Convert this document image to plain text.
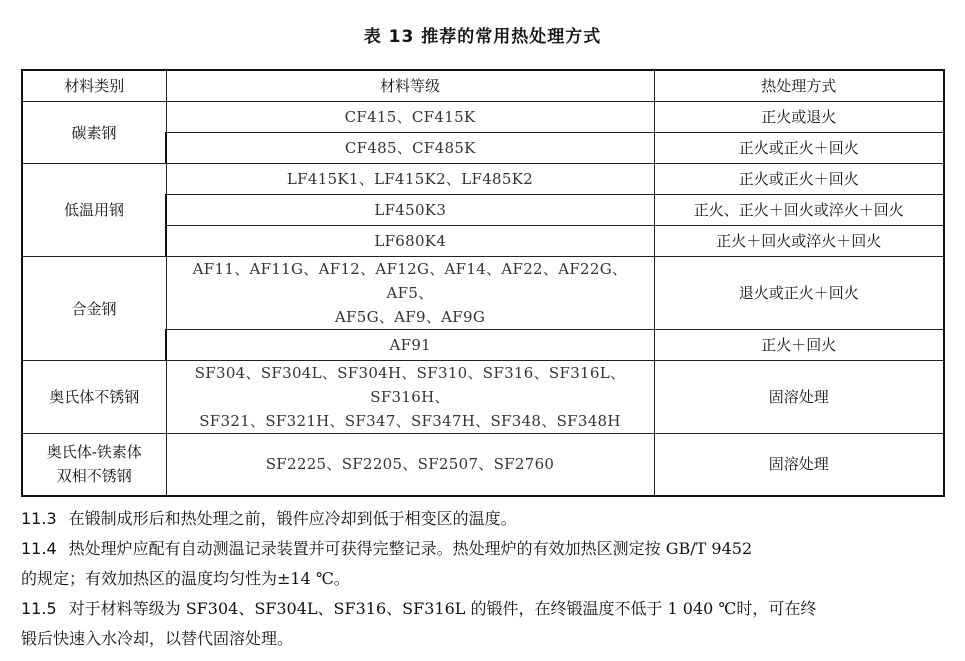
表 13 推荐的常用热处理方式
材料类别	材料等级	热处理方式
碳素钢	CF415、CF415K	正火或退火
	CF485、CF485K	正火或正火＋回火
低温用钢	LF415K1、LF415K2、LF485K2	正火或正火＋回火
	LF450K3	正火、正火＋回火或淬火＋回火
	LF680K4	正火＋回火或淬火＋回火
合金钢	AF11、AF11G、AF12、AF12G、AF14、AF22、AF22G、AF5、
AF5G、AF9、AF9G	退火或正火＋回火
	AF91	正火＋回火
奥氏体不锈钢	SF304、SF304L、SF304H、SF310、SF316、SF316L、SF316H、
SF321、SF321H、SF347、SF347H、SF348、SF348H	固溶处理

奥氏体-铁素体
双相不锈钢	SF2225、SF2205、SF2507、SF2760	固溶处理
11.3 在锻制成形后和热处理之前，锻件应冷却到低于相变区的温度。
11.4 热处理炉应配有自动测温记录装置并可获得完整记录。热处理炉的有效加热区测定按 GB/T 9452
的规定；有效加热区的温度均匀性为±14 ℃。
11.5 对于材料等级为 SF304、SF304L、SF316、SF316L 的锻件，在终锻温度不低于 1 040 ℃时，可在终
锻后快速入水冷却，以替代固溶处理。
